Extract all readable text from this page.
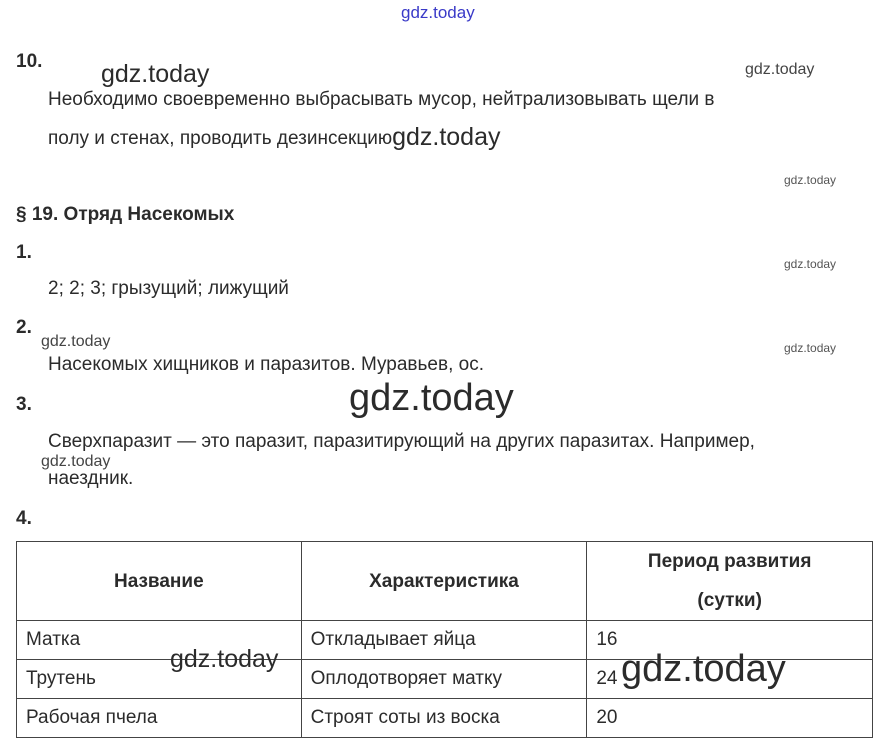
gdz.today
gdz.today	gdz.today
gdz.today
gdz.today
gdz.today	gdz.today
gdz.today
gdz.today
10.
Необходимо своевременно выбрасывать мусор, нейтрализовывать щели в
полу и стенах, проводить дезинсекциюgdz.today
§ 19. Отряд Насекомых
1.
2; 2; 3; грызущий; лижущий
2.
Насекомых хищников и паразитов. Муравьев, ос.
3.
Сверхпаразит — это паразит, паразитирующий на других паразитах. Например,
наездник.
4.
Название	Характеристика	Период развития
(сутки)
Матка	Откладывает яйца	16
Трутень	Оплодотворяет матку	24
Рабочая пчела	Строят соты из воска	20
gdz.today	gdz.today
